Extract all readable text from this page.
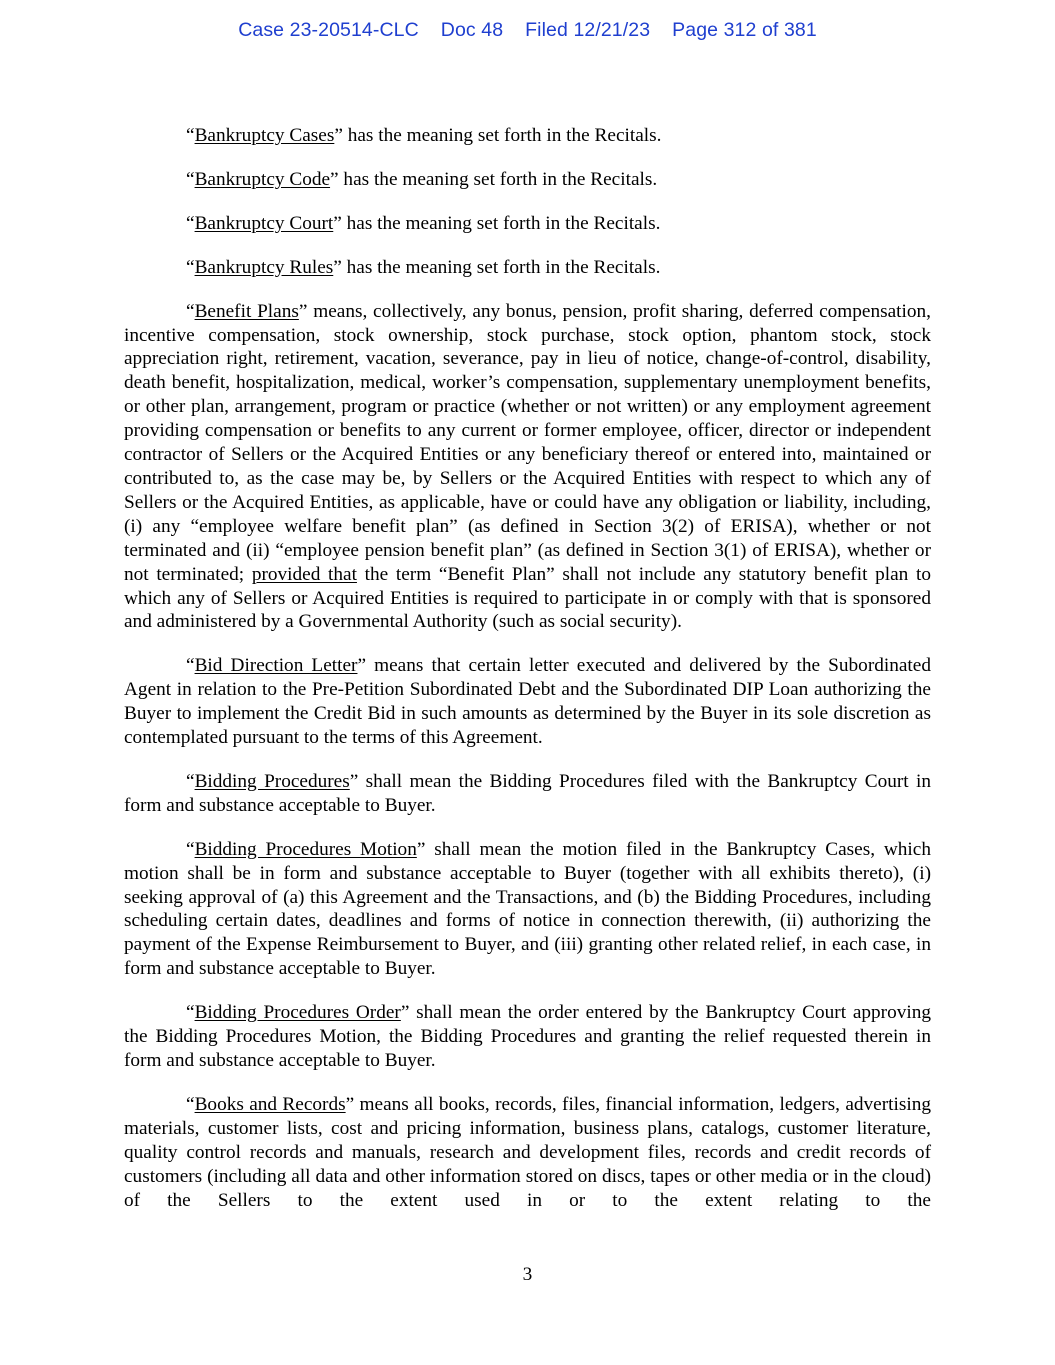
Case 23-20514-CLC Doc 48 Filed 12/21/23 Page 312 of 381

“Bankruptcy Cases” has the meaning set forth in the Recitals.

“Bankruptcy Code” has the meaning set forth in the Recitals.

“Bankruptcy Court” has the meaning set forth in the Recitals.

“Bankruptcy Rules” has the meaning set forth in the Recitals.

“Benefit Plans” means, collectively, any bonus, pension, profit sharing, deferred compensation, incentive compensation, stock ownership, stock purchase, stock option, phantom stock, stock appreciation right, retirement, vacation, severance, pay in lieu of notice, change-of-control, disability, death benefit, hospitalization, medical, worker’s compensation, supplementary unemployment benefits, or other plan, arrangement, program or practice (whether or not written) or any employment agreement providing compensation or benefits to any current or former employee, officer, director or independent contractor of Sellers or the Acquired Entities or any beneficiary thereof or entered into, maintained or contributed to, as the case may be, by Sellers or the Acquired Entities with respect to which any of Sellers or the Acquired Entities, as applicable, have or could have any obligation or liability, including, (i) any “employee welfare benefit plan” (as defined in Section 3(2) of ERISA), whether or not terminated and (ii) “employee pension benefit plan” (as defined in Section 3(1) of ERISA), whether or not terminated; provided that the term “Benefit Plan” shall not include any statutory benefit plan to which any of Sellers or Acquired Entities is required to participate in or comply with that is sponsored and administered by a Governmental Authority (such as social security).

“Bid Direction Letter” means that certain letter executed and delivered by the Subordinated Agent in relation to the Pre-Petition Subordinated Debt and the Subordinated DIP Loan authorizing the Buyer to implement the Credit Bid in such amounts as determined by the Buyer in its sole discretion as contemplated pursuant to the terms of this Agreement.

“Bidding Procedures” shall mean the Bidding Procedures filed with the Bankruptcy Court in form and substance acceptable to Buyer.

“Bidding Procedures Motion” shall mean the motion filed in the Bankruptcy Cases, which motion shall be in form and substance acceptable to Buyer (together with all exhibits thereto), (i) seeking approval of (a) this Agreement and the Transactions, and (b) the Bidding Procedures, including scheduling certain dates, deadlines and forms of notice in connection therewith, (ii) authorizing the payment of the Expense Reimbursement to Buyer, and (iii) granting other related relief, in each case, in form and substance acceptable to Buyer.

“Bidding Procedures Order” shall mean the order entered by the Bankruptcy Court approving the Bidding Procedures Motion, the Bidding Procedures and granting the relief requested therein in form and substance acceptable to Buyer.

“Books and Records” means all books, records, files, financial information, ledgers, advertising materials, customer lists, cost and pricing information, business plans, catalogs, customer literature, quality control records and manuals, research and development files, records and credit records of customers (including all data and other information stored on discs, tapes or other media or in the cloud) of the Sellers to the extent used in or to the extent relating to the

3
